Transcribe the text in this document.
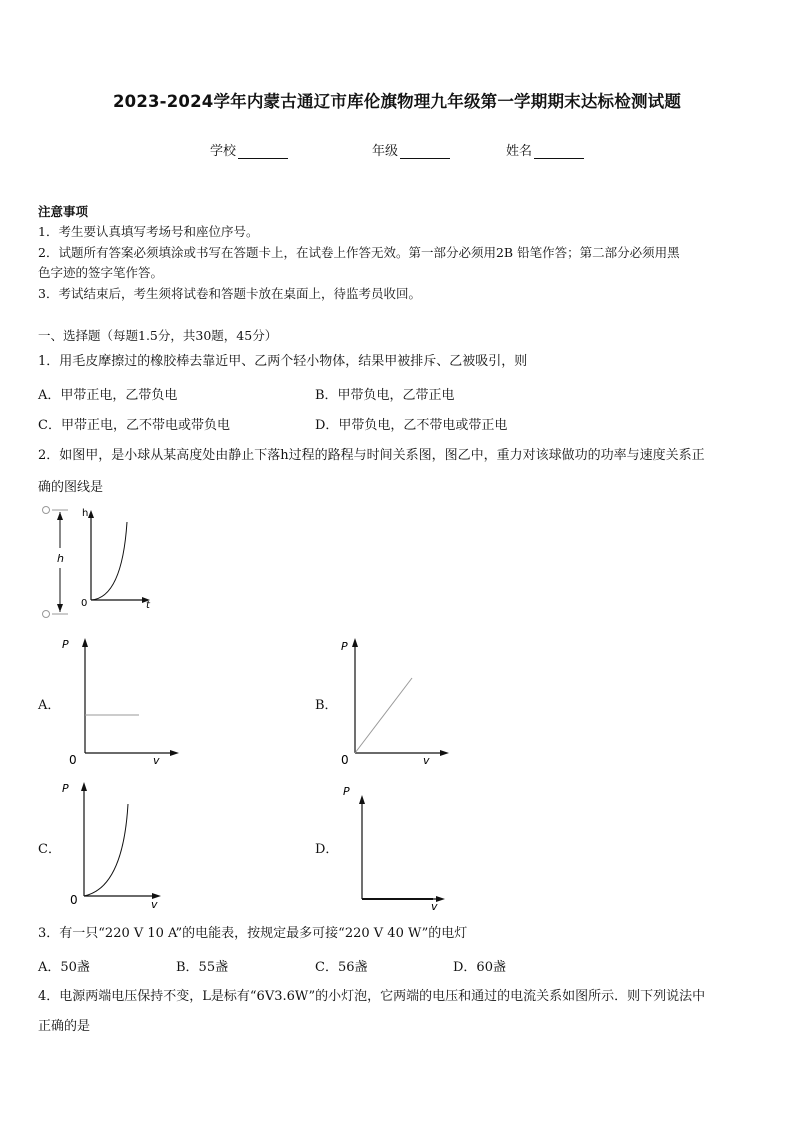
2023-2024学年内蒙古通辽市库伦旗物理九年级第一学期期末达标检测试题
学校	年级	姓名
注意事项
1．考生要认真填写考场号和座位序号。
2．试题所有答案必须填涂或书写在答题卡上，在试卷上作答无效。第一部分必须用2B 铅笔作答；第二部分必须用黑
色字迹的签字笔作答。
3．考试结束后，考生须将试卷和答题卡放在桌面上，待监考员收回。
一、选择题（每题1.5分，共30题，45分）
1．用毛皮摩擦过的橡胶棒去靠近甲、乙两个轻小物体，结果甲被排斥、乙被吸引，则
A．甲带正电，乙带负电	B．甲带负电，乙带正电
C．甲带正电，乙不带电或带负电	D．甲带负电，乙不带电或带正电
2．如图甲，是小球从某高度处由静止下落h过程的路程与时间关系图，图乙中，重力对该球做功的功率与速度关系正
确的图线是
h
h
t
0
A．
P
v
0
B．
P
v
0
C．
P
v
0
D．
P
v
3．有一只“220 V 10 A”的电能表，按规定最多可接“220 V 40 W”的电灯
A．50盏	B．55盏	C．56盏	D．60盏
4．电源两端电压保持不变，L是标有“6V3.6W”的小灯泡，它两端的电压和通过的电流关系如图所示．则下列说法中
正确的是
